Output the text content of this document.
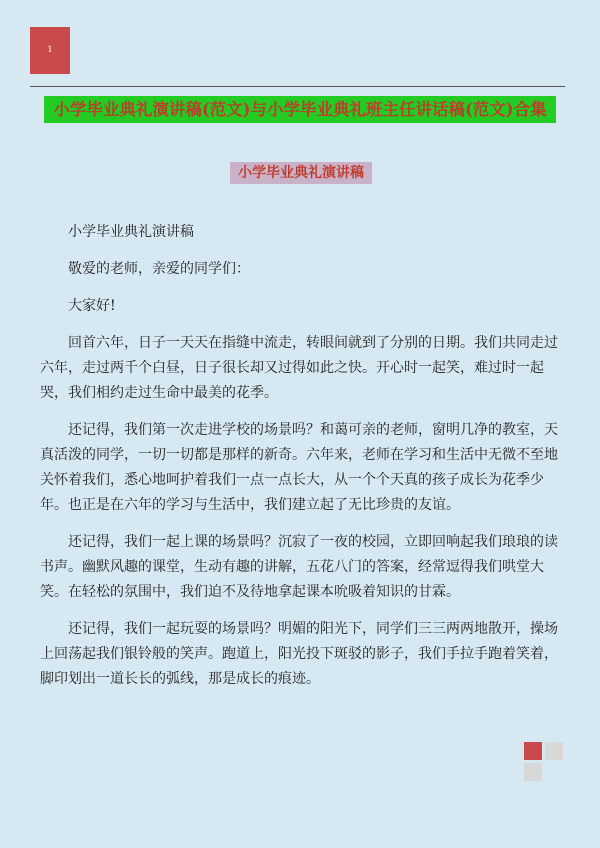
1
小学毕业典礼演讲稿(范文)与小学毕业典礼班主任讲话稿(范文)合集
小学毕业典礼演讲稿

小学毕业典礼演讲稿

敬爱的老师，亲爱的同学们：

大家好!

回首六年，日子一天天在指缝中流走，转眼间就到了分别的日期。我们共同走过六年，走过两千个白昼，日子很长却又过得如此之快。开心时一起笑，难过时一起哭，我们相约走过生命中最美的花季。

还记得，我们第一次走进学校的场景吗？和蔼可亲的老师，窗明几净的教室，天真活泼的同学，一切一切都是那样的新奇。六年来，老师在学习和生活中无微不至地关怀着我们，悉心地呵护着我们一点一点长大，从一个个天真的孩子成长为花季少年。也正是在六年的学习与生活中，我们建立起了无比珍贵的友谊。

还记得，我们一起上课的场景吗？沉寂了一夜的校园，立即回响起我们琅琅的读书声。幽默风趣的课堂，生动有趣的讲解，五花八门的答案，经常逗得我们哄堂大笑。在轻松的氛围中，我们迫不及待地拿起课本吮吸着知识的甘霖。

还记得，我们一起玩耍的场景吗？明媚的阳光下，同学们三三两两地散开，操场上回荡起我们银铃般的笑声。跑道上，阳光投下斑驳的影子，我们手拉手跑着笑着，脚印划出一道长长的弧线，那是成长的痕迹。
